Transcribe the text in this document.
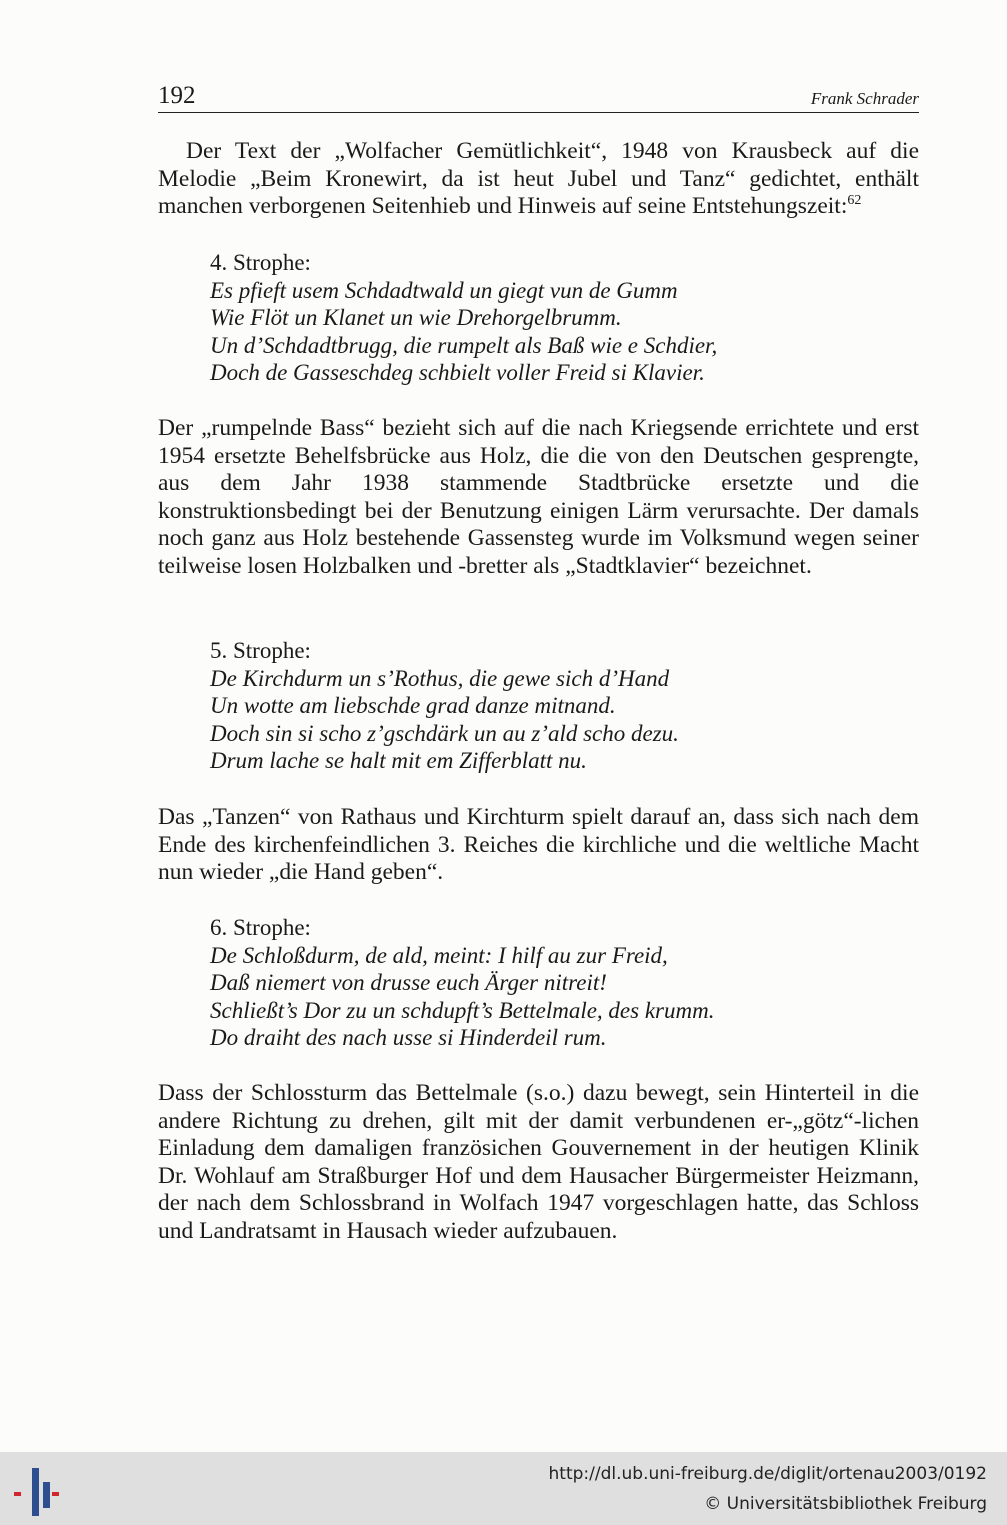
192	Frank Schrader

Der Text der „Wolfacher Gemütlichkeit“, 1948 von Krausbeck auf die Melodie „Beim Kronewirt, da ist heut Jubel und Tanz“ gedichtet, enthält manchen verborgenen Seitenhieb und Hinweis auf seine Entstehungszeit:$^{62}$

4. Strophe:
Es pfieft usem Schdadtwald un giegt vun de Gumm
Wie Flöt un Klanet un wie Drehorgelbrumm.
Un d’Schdadtbrugg, die rumpelt als Baß wie e Schdier,
Doch de Gasseschdeg schbielt voller Freid si Klavier.

Der „rumpelnde Bass“ bezieht sich auf die nach Kriegsende errichtete und erst 1954 ersetzte Behelfsbrücke aus Holz, die die von den Deutschen gesprengte, aus dem Jahr 1938 stammende Stadtbrücke ersetzte und die konstruktionsbedingt bei der Benutzung einigen Lärm verursachte. Der damals noch ganz aus Holz bestehende Gassensteg wurde im Volksmund wegen seiner teilweise losen Holzbalken und -bretter als „Stadtklavier“ bezeichnet.

5. Strophe:
De Kirchdurm un s’Rothus, die gewe sich d’Hand
Un wotte am liebschde grad danze mitnand.
Doch sin si scho z’gschdärk un au z’ald scho dezu.
Drum lache se halt mit em Zifferblatt nu.

Das „Tanzen“ von Rathaus und Kirchturm spielt darauf an, dass sich nach dem Ende des kirchenfeindlichen 3. Reiches die kirchliche und die weltliche Macht nun wieder „die Hand geben“.

6. Strophe:
De Schloßdurm, de ald, meint: I hilf au zur Freid,
Daß niemert von drusse euch Ärger nitreit!
Schließt’s Dor zu un schdupft’s Bettelmale, des krumm.
Do draiht des nach usse si Hinderdeil rum.

Dass der Schlossturm das Bettelmale (s.o.) dazu bewegt, sein Hinterteil in die andere Richtung zu drehen, gilt mit der damit verbundenen er-„götz“-lichen Einladung dem damaligen französichen Gouvernement in der heutigen Klinik Dr. Wohlauf am Straßburger Hof und dem Hausacher Bürgermeister Heizmann, der nach dem Schlossbrand in Wolfach 1947 vorgeschlagen hatte, das Schloss und Landratsamt in Hausach wieder aufzubauen.

http://dl.ub.uni-freiburg.de/diglit/ortenau2003/0192
© Universitätsbibliothek Freiburg
